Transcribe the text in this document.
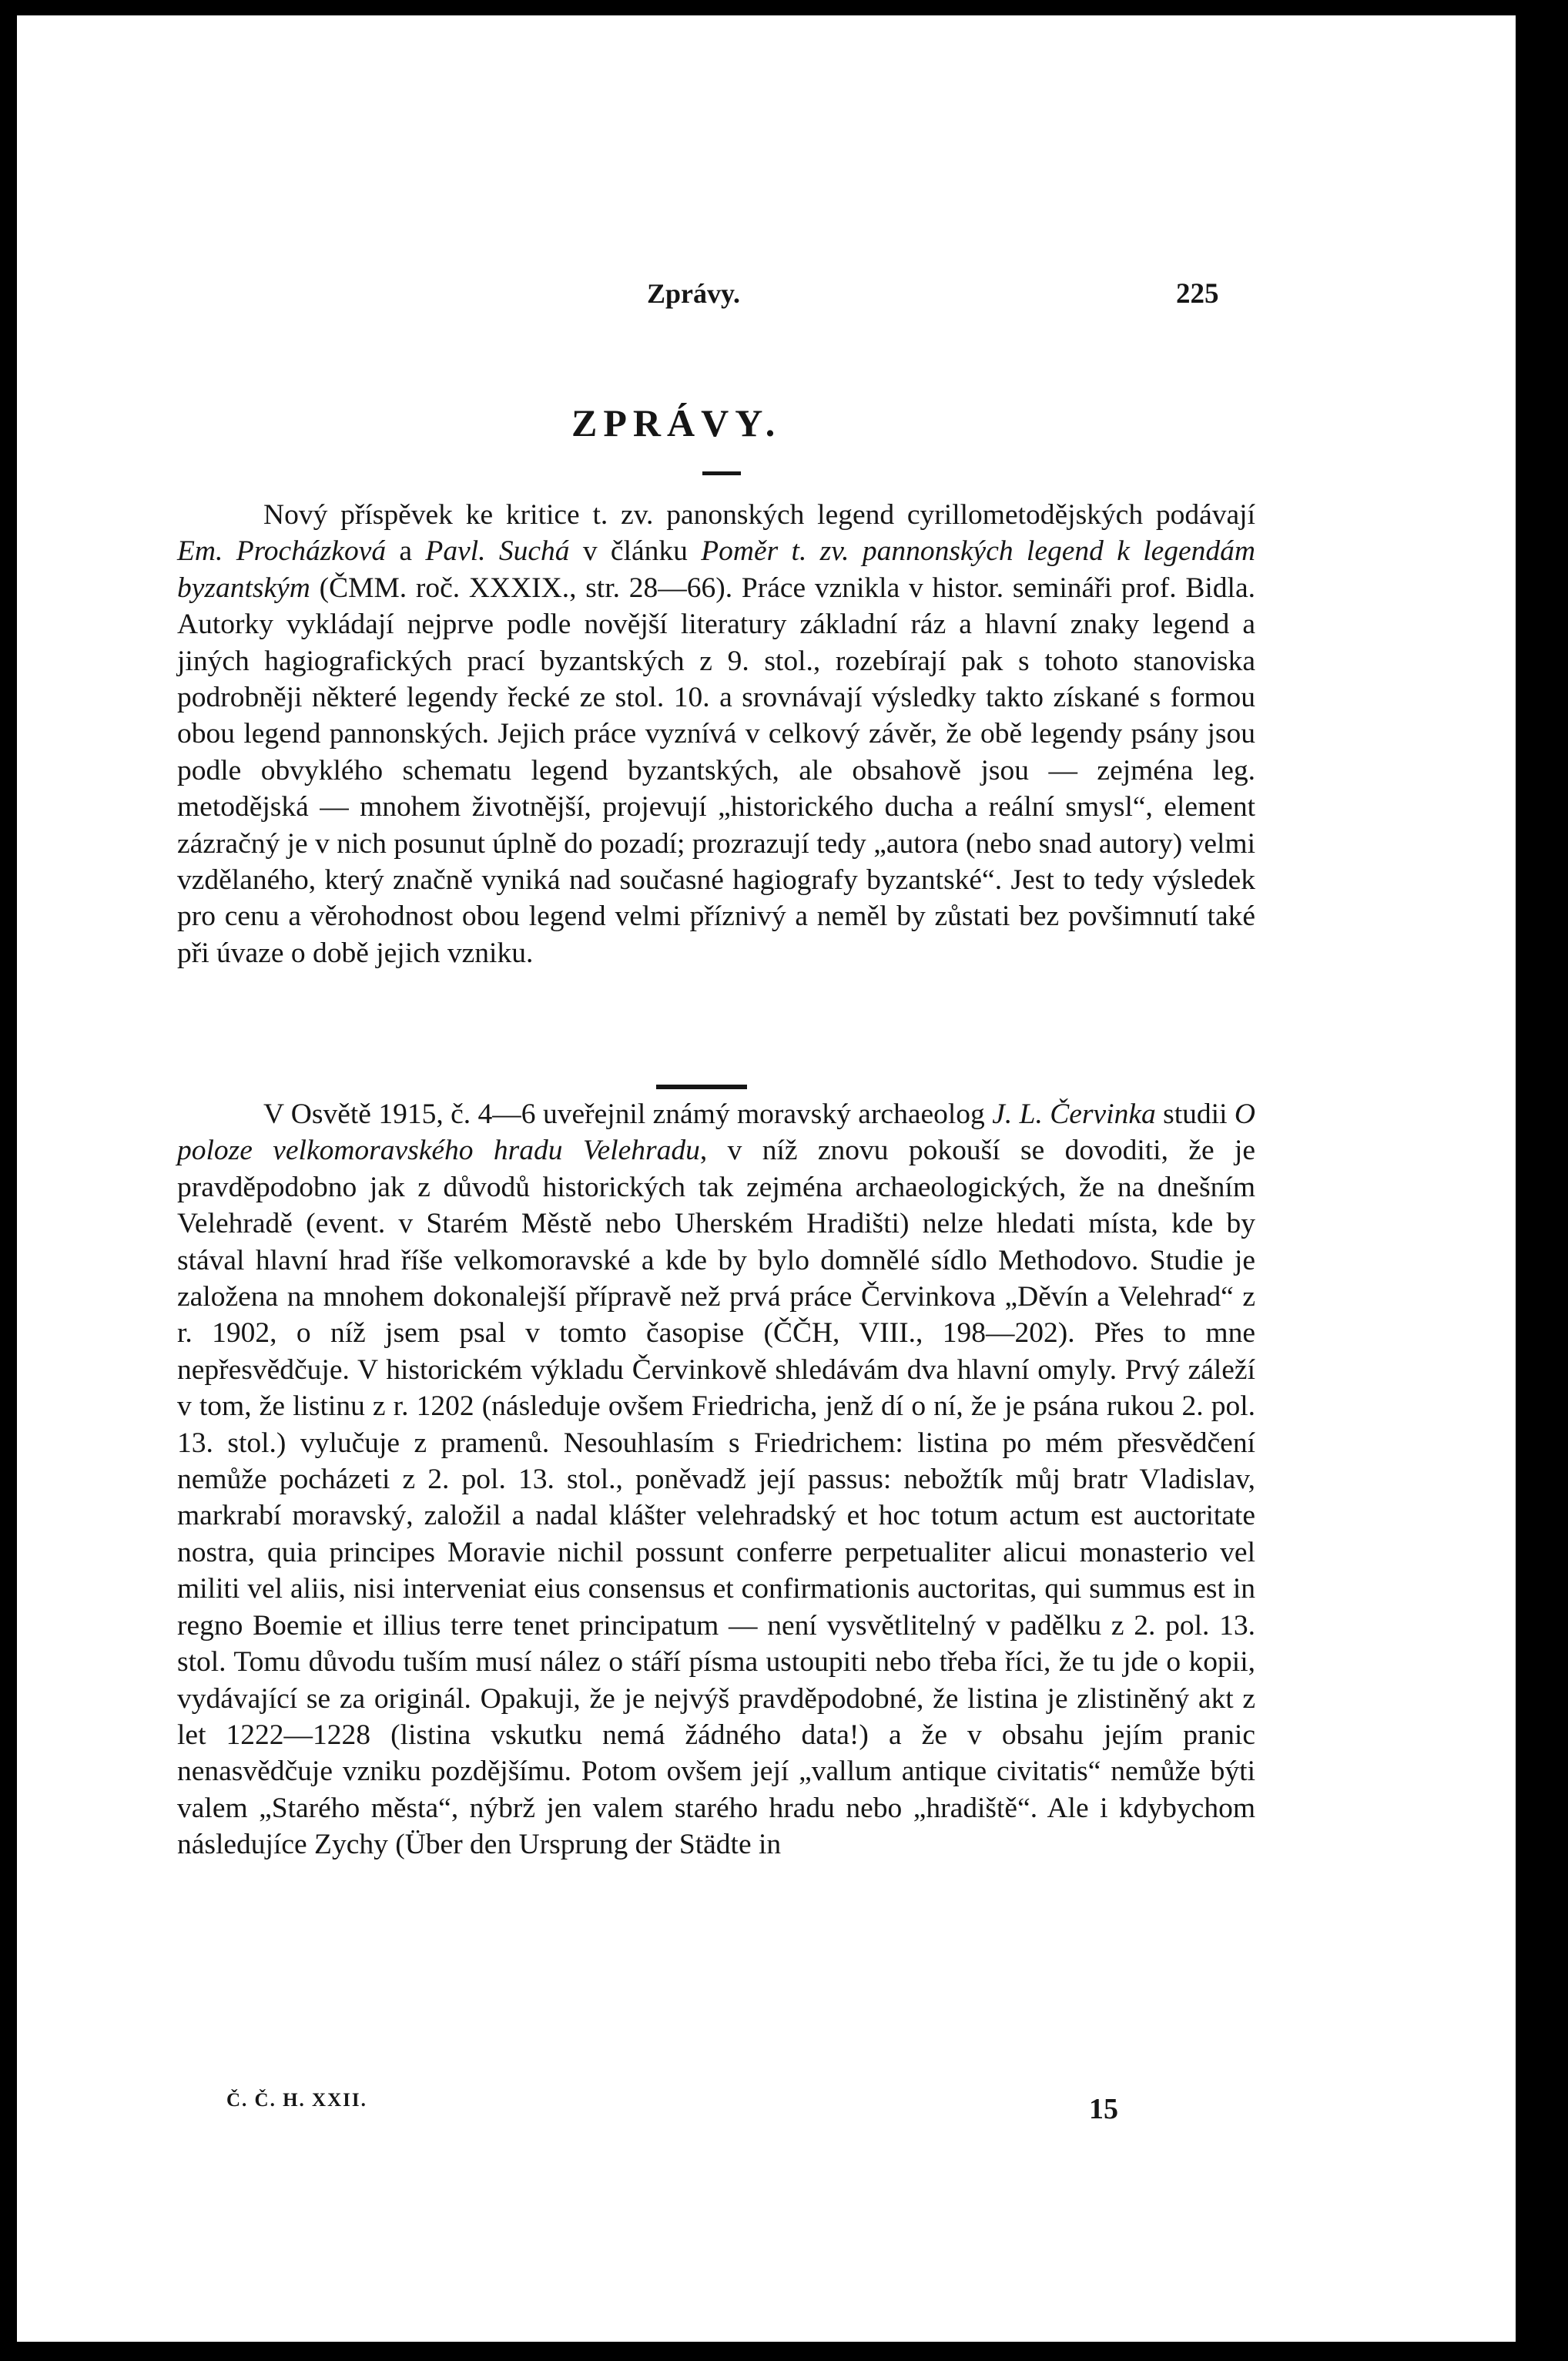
Zprávy.	225
ZPRÁVY.

Nový příspěvek ke kritice t. zv. panonských legend cyrillometodějských podávají Em. Procházková a Pavl. Suchá v článku Poměr t. zv. pannonských legend k legendám byzantským (ČMM. roč. XXXIX., str. 28—66). Práce vznikla v histor. semináři prof. Bidla. Autorky vykládají nejprve podle novější literatury základní ráz a hlavní znaky legend a jiných hagiografických prací byzantských z 9. stol., rozebírají pak s tohoto stanoviska podrobněji některé legendy řecké ze stol. 10. a srovnávají výsledky takto získané s formou obou legend pannonských. Jejich práce vyznívá v celkový závěr, že obě legendy psány jsou podle obvyklého schematu legend byzantských, ale obsahově jsou — zejména leg. metodějská — mnohem životnější, projevují „historického ducha a reální smysl“, element zázračný je v nich posunut úplně do pozadí; prozrazují tedy „autora (nebo snad autory) velmi vzdělaného, který značně vyniká nad současné hagiografy byzantské“. Jest to tedy výsledek pro cenu a věrohodnost obou legend velmi příznivý a neměl by zůstati bez povšimnutí také při úvaze o době jejich vzniku.

V Osvětě 1915, č. 4—6 uveřejnil známý moravský archaeolog J. L. Červinka studii O poloze velkomoravského hradu Velehradu, v níž znovu pokouší se dovoditi, že je pravděpodobno jak z důvodů historických tak zejména archaeologických, že na dnešním Velehradě (event. v Starém Městě nebo Uherském Hradišti) nelze hledati místa, kde by stával hlavní hrad říše velkomoravské a kde by bylo domnělé sídlo Methodovo. Studie je založena na mnohem dokonalejší přípravě než prvá práce Červinkova „Děvín a Velehrad“ z r. 1902, o níž jsem psal v tomto časopise (ČČH, VIII., 198—202). Přes to mne nepřesvědčuje. V historickém výkladu Červinkově shledávám dva hlavní omyly. Prvý záleží v tom, že listinu z r. 1202 (následuje ovšem Friedricha, jenž dí o ní, že je psána rukou 2. pol. 13. stol.) vylučuje z pramenů. Nesouhlasím s Friedrichem: listina po mém přesvědčení nemůže pocházeti z 2. pol. 13. stol., poněvadž její passus: nebožtík můj bratr Vladislav, markrabí moravský, založil a nadal klášter velehradský et hoc totum actum est auctoritate nostra, quia principes Moravie nichil possunt conferre perpetualiter alicui monasterio vel militi vel aliis, nisi interveniat eius consensus et confirmationis auctoritas, qui summus est in regno Boemie et illius terre tenet principatum — není vysvětlitelný v padělku z 2. pol. 13. stol. Tomu důvodu tuším musí nález o stáří písma ustoupiti nebo třeba říci, že tu jde o kopii, vydávající se za originál. Opakuji, že je nejvýš pravděpodobné, že listina je zlistiněný akt z let 1222—1228 (listina vskutku nemá žádného data!) a že v obsahu jejím pranic nenasvědčuje vzniku pozdějšímu. Potom ovšem její „vallum antique civitatis“ nemůže býti valem „Starého města“, nýbrž jen valem starého hradu nebo „hradiště“. Ale i kdybychom následujíce Zychy (Über den Ursprung der Städte in

Č. Č. H. XXII.	15
